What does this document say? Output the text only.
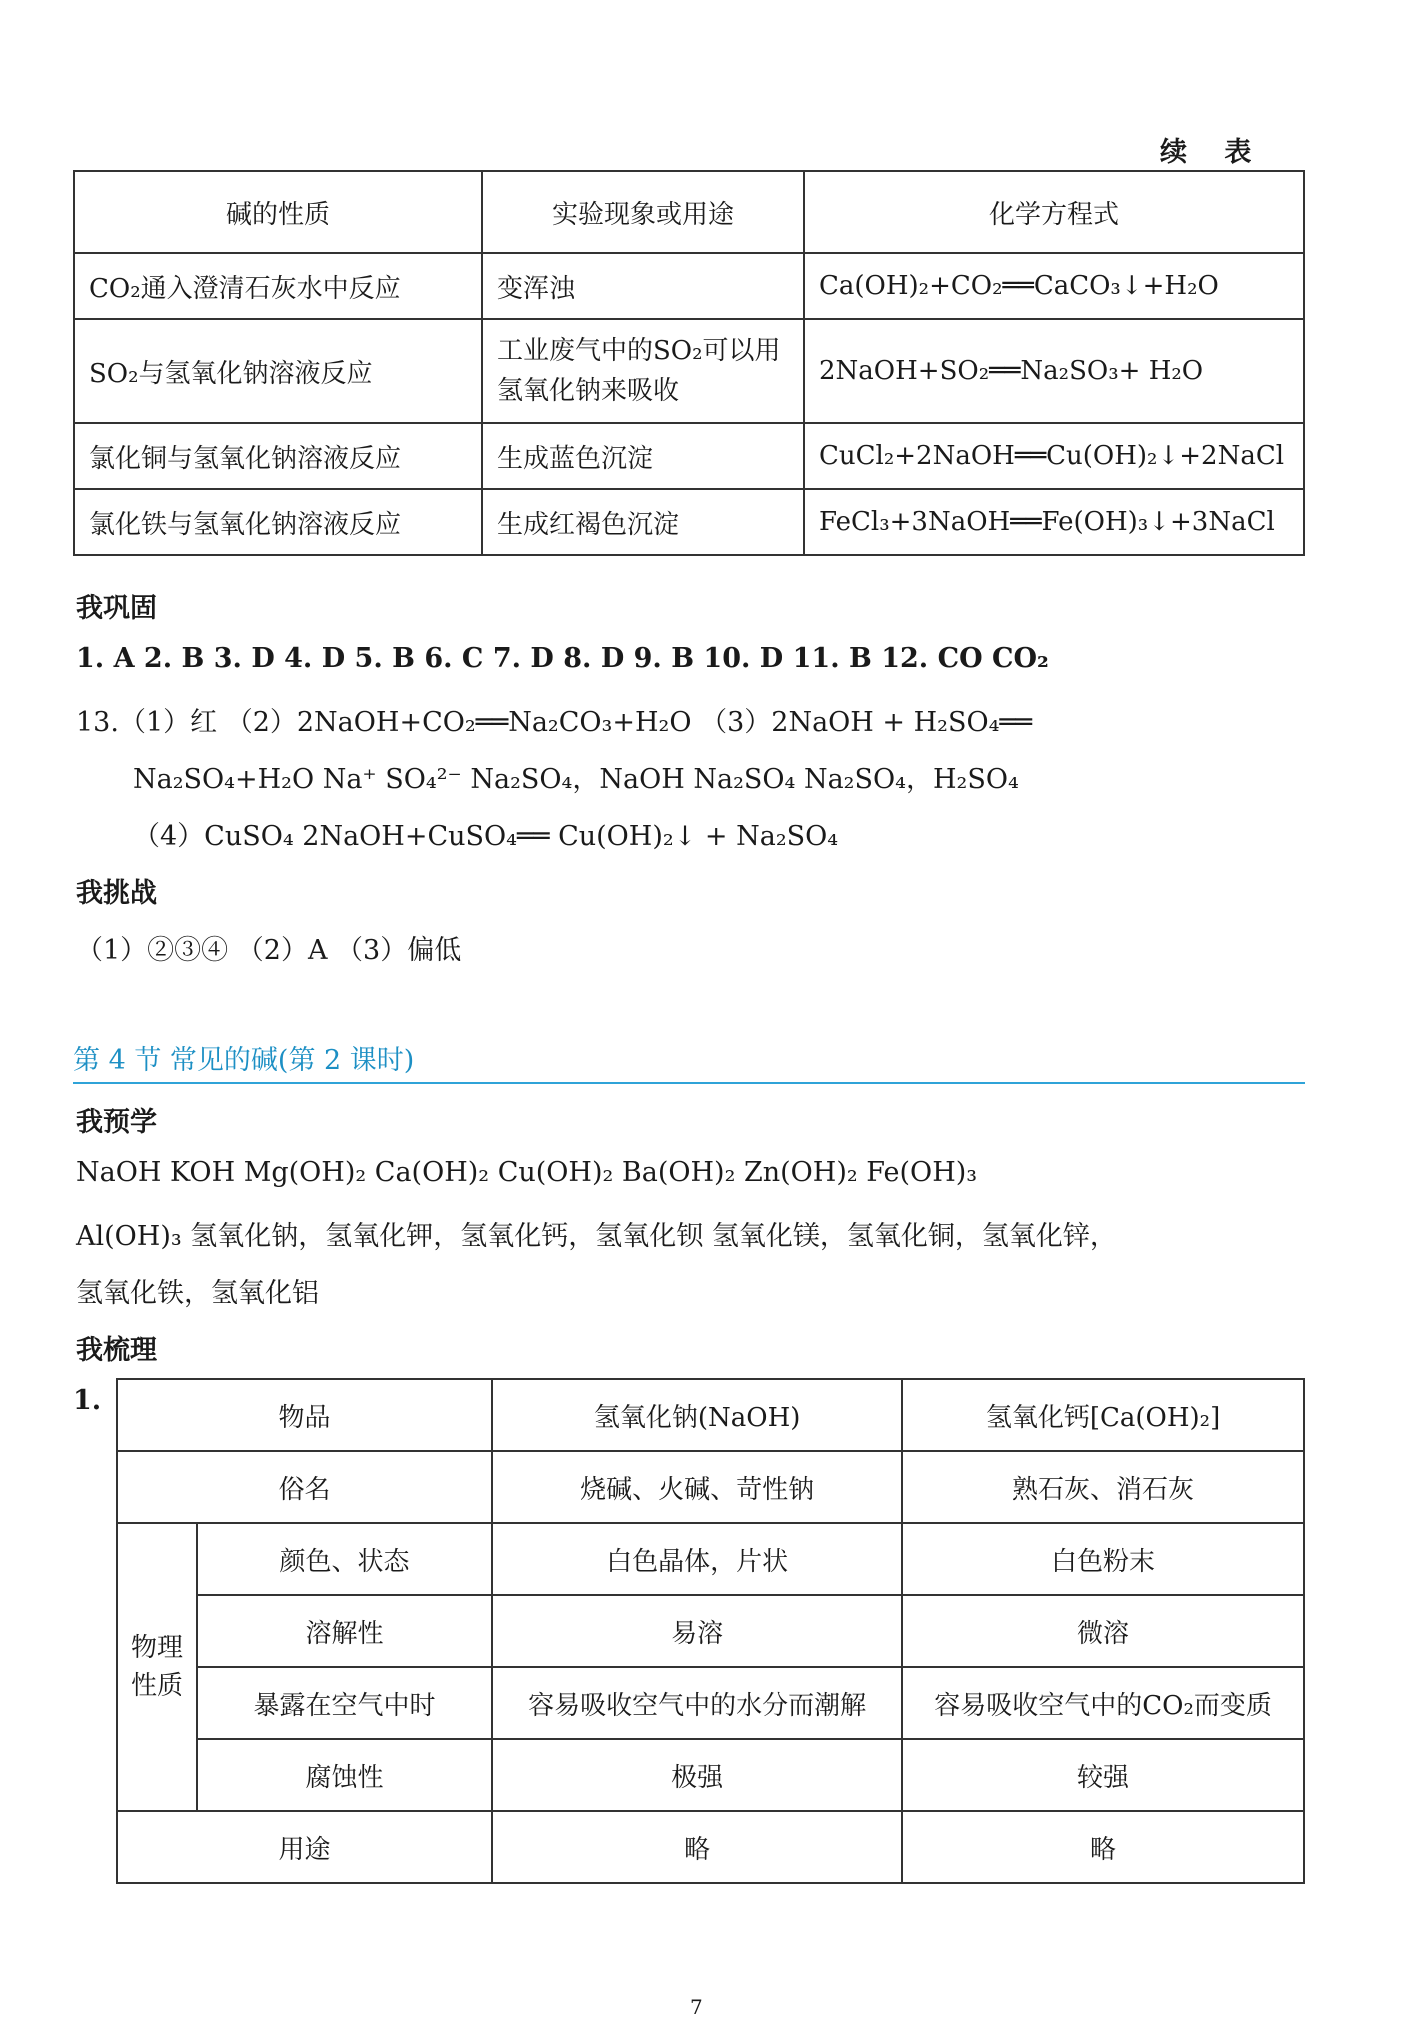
续 表
碱的性质	实验现象或用途	化学方程式
CO₂通入澄清石灰水中反应	变浑浊	Ca(OH)₂+CO₂══CaCO₃↓+H₂O
SO₂与氢氧化钠溶液反应	工业废气中的SO₂可以用氢氧化钠来吸收	2NaOH+SO₂══Na₂SO₃+ H₂O
氯化铜与氢氧化钠溶液反应	生成蓝色沉淀	CuCl₂+2NaOH══Cu(OH)₂↓+2NaCl
氯化铁与氢氧化钠溶液反应	生成红褐色沉淀	FeCl₃+3NaOH══Fe(OH)₃↓+3NaCl
我巩固
1. A 2. B 3. D 4. D 5. B 6. C 7. D 8. D 9. B 10. D 11. B 12. CO CO₂
13.（1）红 （2）2NaOH+CO₂══Na₂CO₃+H₂O （3）2NaOH + H₂SO₄══
Na₂SO₄+H₂O Na⁺ SO₄²⁻ Na₂SO₄，NaOH Na₂SO₄ Na₂SO₄，H₂SO₄
（4）CuSO₄ 2NaOH+CuSO₄══ Cu(OH)₂↓ + Na₂SO₄
我挑战
（1）②③④ （2）A （3）偏低
第 4 节 常见的碱(第 2 课时)
我预学
NaOH KOH Mg(OH)₂ Ca(OH)₂ Cu(OH)₂ Ba(OH)₂ Zn(OH)₂ Fe(OH)₃
Al(OH)₃ 氢氧化钠，氢氧化钾，氢氧化钙，氢氧化钡 氢氧化镁，氢氧化铜，氢氧化锌，
氢氧化铁，氢氧化铝
我梳理
1.
物品		氢氧化钠(NaOH)	氢氧化钙[Ca(OH)₂]
俗名		烧碱、火碱、苛性钠	熟石灰、消石灰
物理性质	颜色、状态	白色晶体，片状	白色粉末
	溶解性	易溶	微溶
	暴露在空气中时	容易吸收空气中的水分而潮解	容易吸收空气中的CO₂而变质
	腐蚀性	极强	较强
用途		略	略
7
